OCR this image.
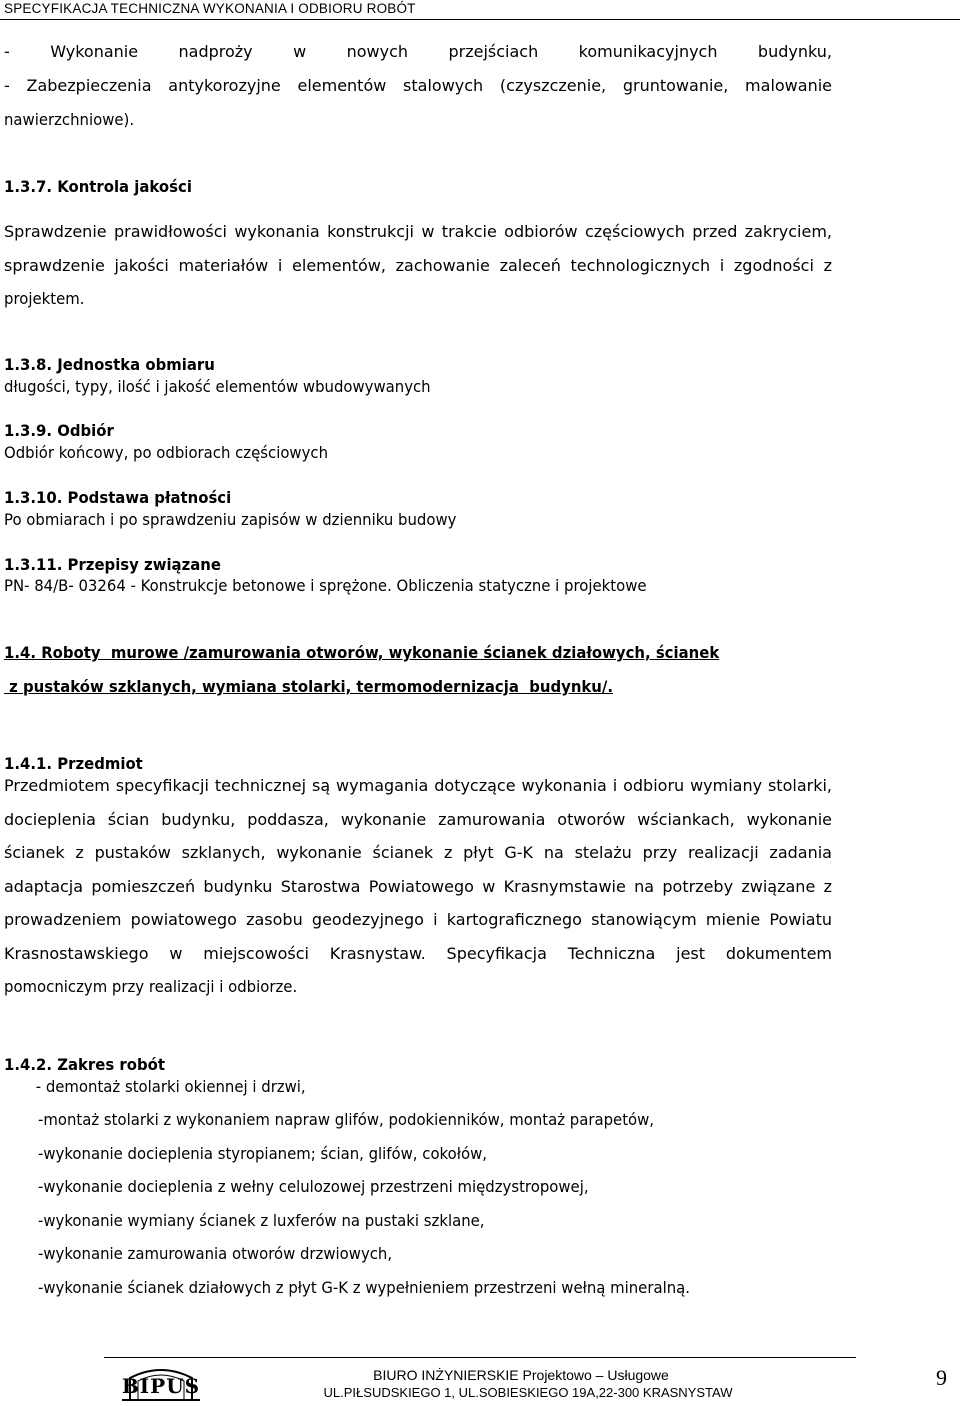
SPECYFIKACJA TECHNICZNA WYKONANIA I ODBIORU ROBÓT
- Wykonanie nadproży w nowych przejściach komunikacyjnych budynku,
- Zabezpieczenia antykorozyjne elementów stalowych (czyszczenie, gruntowanie, malowanie
nawierzchniowe).
1.3.7. Kontrola jakości
Sprawdzenie prawidłowości wykonania konstrukcji w trakcie odbiorów częściowych przed zakryciem,
sprawdzenie jakości materiałów i elementów, zachowanie zaleceń technologicznych i zgodności z
projektem.
1.3.8. Jednostka obmiaru
długości, typy, ilość i jakość elementów wbudowywanych
1.3.9. Odbiór
Odbiór końcowy, po odbiorach częściowych
1.3.10. Podstawa płatności
Po obmiarach i po sprawdzeniu zapisów w dzienniku budowy
1.3.11. Przepisy związane
PN- 84/B- 03264 - Konstrukcje betonowe i sprężone. Obliczenia statyczne i projektowe
1.4. Roboty  murowe /zamurowania otworów, wykonanie ścianek działowych, ścianek
z pustaków szklanych, wymiana stolarki, termomodernizacja  budynku/.
1.4.1. Przedmiot
Przedmiotem specyfikacji technicznej są wymagania dotyczące wykonania i odbioru wymiany stolarki,
docieplenia ścian budynku, poddasza, wykonanie zamurowania otworów wściankach, wykonanie
ścianek z pustaków szklanych, wykonanie ścianek z płyt G-K na stelażu przy realizacji zadania
adaptacja pomieszczeń budynku Starostwa Powiatowego w Krasnymstawie na potrzeby związane z
prowadzeniem powiatowego zasobu geodezyjnego i kartograficznego stanowiącym mienie Powiatu
Krasnostawskiego w miejscowości Krasnystaw. Specyfikacja Techniczna jest dokumentem
pomocniczym przy realizacji i odbiorze.
1.4.2. Zakres robót
- demontaż stolarki okiennej i drzwi,
-montaż stolarki z wykonaniem napraw glifów, podokienników, montaż parapetów,
-wykonanie docieplenia styropianem; ścian, glifów, cokołów,
-wykonanie docieplenia z wełny celulozowej przestrzeni międzystropowej,
-wykonanie wymiany ścianek z luxferów na pustaki szklane,
-wykonanie zamurowania otworów drzwiowych,
-wykonanie ścianek działowych z płyt G-K z wypełnieniem przestrzeni wełną mineralną.
BIPUS	BIURO INŻYNIERSKIE Projektowo – Usługowe
UL.PIŁSUDSKIEGO 1, UL.SOBIESKIEGO 19A,22-300 KRASNYSTAW
9
